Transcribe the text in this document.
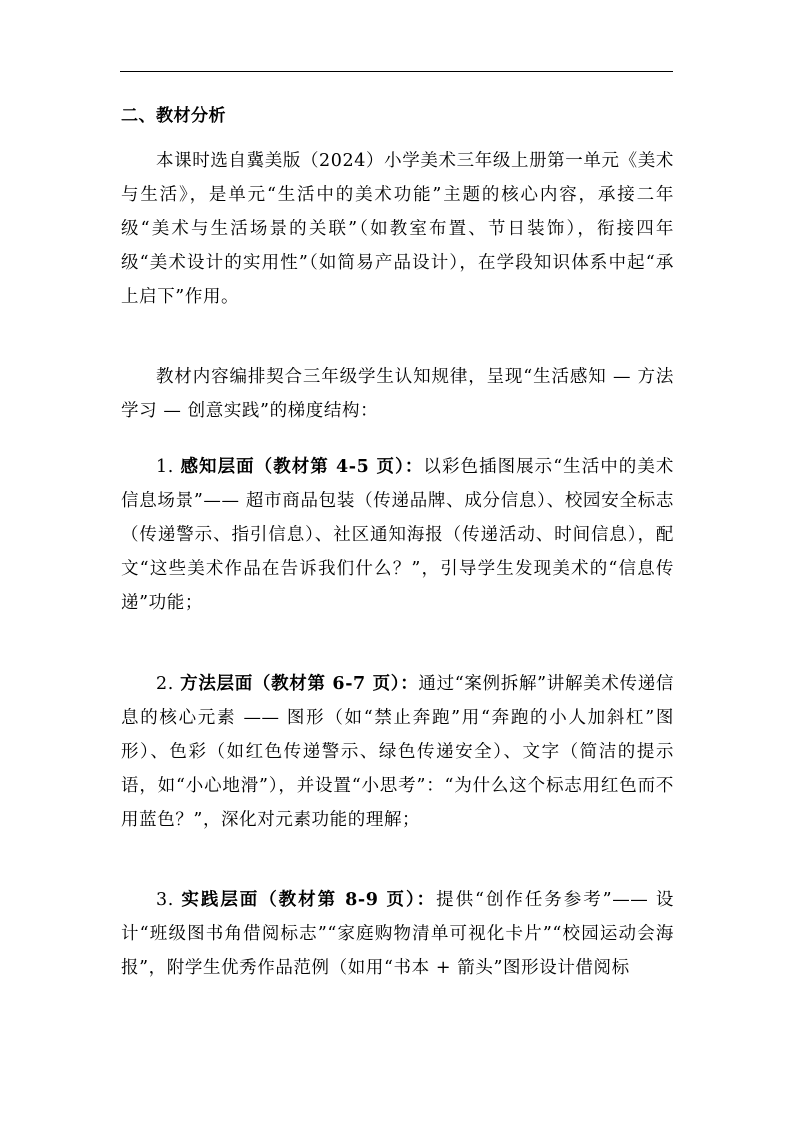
二、教材分析
本课时选自冀美版（2024）小学美术三年级上册第一单元《美术与生活》，是单元“生活中的美术功能”主题的核心内容，承接二年级“美术与生活场景的关联”（如教室布置、节日装饰），衔接四年级“美术设计的实用性”（如简易产品设计），在学段知识体系中起“承上启下”作用。
教材内容编排契合三年级学生认知规律，呈现“生活感知 — 方法学习 — 创意实践”的梯度结构：
1. 感知层面（教材第 4-5 页）：以彩色插图展示“生活中的美术信息场景”—— 超市商品包装（传递品牌、成分信息）、校园安全标志（传递警示、指引信息）、社区通知海报（传递活动、时间信息），配文“这些美术作品在告诉我们什么？”，引导学生发现美术的“信息传递”功能；
2. 方法层面（教材第 6-7 页）：通过“案例拆解”讲解美术传递信息的核心元素 —— 图形（如“禁止奔跑”用“奔跑的小人加斜杠”图形）、色彩（如红色传递警示、绿色传递安全）、文字（简洁的提示语，如“小心地滑”），并设置“小思考”：“为什么这个标志用红色而不用蓝色？”，深化对元素功能的理解；
3. 实践层面（教材第 8-9 页）：提供“创作任务参考”—— 设计“班级图书角借阅标志”“家庭购物清单可视化卡片”“校园运动会海报”，附学生优秀作品范例（如用“书本 + 箭头”图形设计借阅标
